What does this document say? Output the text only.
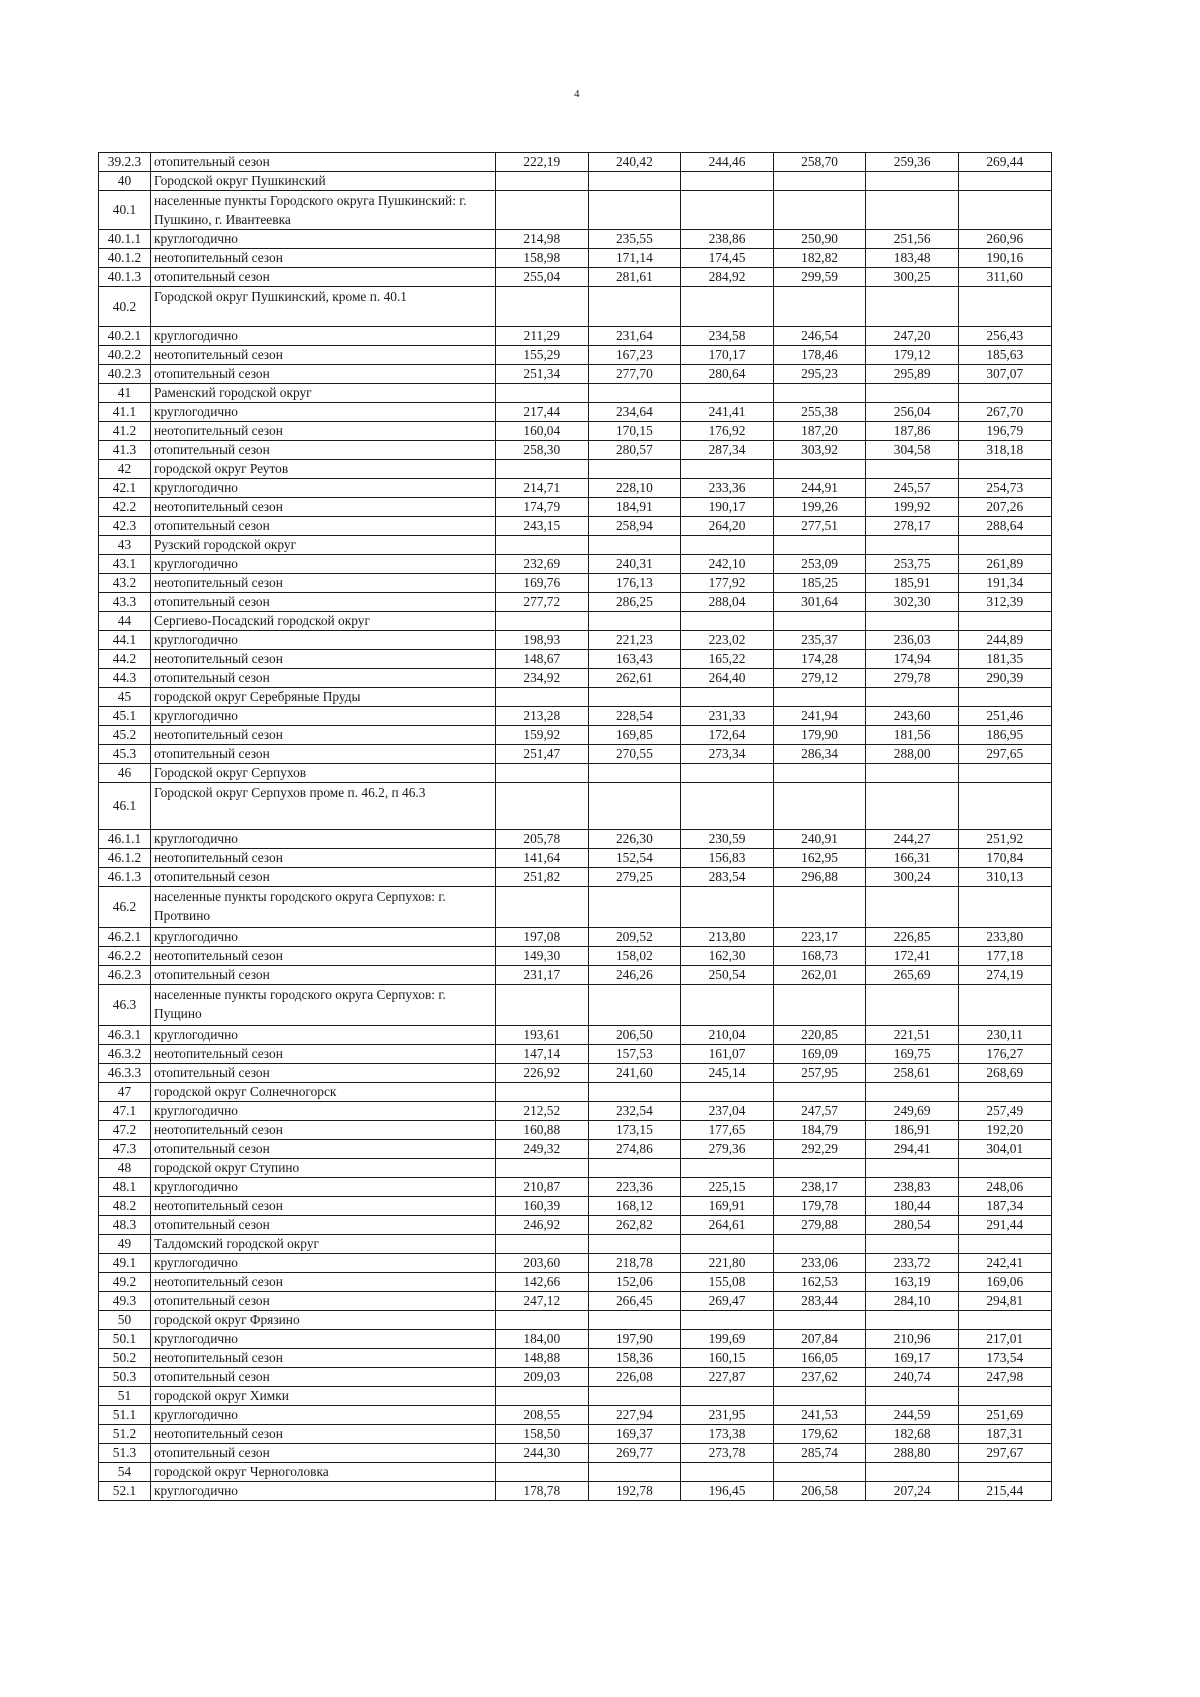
4
39.2.3	отопительный сезон	222,19	240,42	244,46	258,70	259,36	269,44
40	Городской округ Пушкинский						
40.1	населенные пункты Городского округа Пушкинский: г. Пушкино, г. Ивантеевка						
40.1.1	круглогодично	214,98	235,55	238,86	250,90	251,56	260,96
40.1.2	неотопительный сезон	158,98	171,14	174,45	182,82	183,48	190,16
40.1.3	отопительный сезон	255,04	281,61	284,92	299,59	300,25	311,60
40.2	Городской округ Пушкинский, кроме п. 40.1						
40.2.1	круглогодично	211,29	231,64	234,58	246,54	247,20	256,43
40.2.2	неотопительный сезон	155,29	167,23	170,17	178,46	179,12	185,63
40.2.3	отопительный сезон	251,34	277,70	280,64	295,23	295,89	307,07
41	Раменский городской округ						
41.1	круглогодично	217,44	234,64	241,41	255,38	256,04	267,70
41.2	неотопительный сезон	160,04	170,15	176,92	187,20	187,86	196,79
41.3	отопительный сезон	258,30	280,57	287,34	303,92	304,58	318,18
42	городской округ Реутов						
42.1	круглогодично	214,71	228,10	233,36	244,91	245,57	254,73
42.2	неотопительный сезон	174,79	184,91	190,17	199,26	199,92	207,26
42.3	отопительный сезон	243,15	258,94	264,20	277,51	278,17	288,64
43	Рузский городской округ						
43.1	круглогодично	232,69	240,31	242,10	253,09	253,75	261,89
43.2	неотопительный сезон	169,76	176,13	177,92	185,25	185,91	191,34
43.3	отопительный сезон	277,72	286,25	288,04	301,64	302,30	312,39
44	Сергиево-Посадский городской округ						
44.1	круглогодично	198,93	221,23	223,02	235,37	236,03	244,89
44.2	неотопительный сезон	148,67	163,43	165,22	174,28	174,94	181,35
44.3	отопительный сезон	234,92	262,61	264,40	279,12	279,78	290,39
45	городской округ Серебряные Пруды						
45.1	круглогодично	213,28	228,54	231,33	241,94	243,60	251,46
45.2	неотопительный сезон	159,92	169,85	172,64	179,90	181,56	186,95
45.3	отопительный сезон	251,47	270,55	273,34	286,34	288,00	297,65
46	Городской округ Серпухов						
46.1	Городской округ Серпухов проме п. 46.2, п 46.3						
46.1.1	круглогодично	205,78	226,30	230,59	240,91	244,27	251,92
46.1.2	неотопительный сезон	141,64	152,54	156,83	162,95	166,31	170,84
46.1.3	отопительный сезон	251,82	279,25	283,54	296,88	300,24	310,13
46.2	населенные пункты городского округа Серпухов: г. Протвино						
46.2.1	круглогодично	197,08	209,52	213,80	223,17	226,85	233,80
46.2.2	неотопительный сезон	149,30	158,02	162,30	168,73	172,41	177,18
46.2.3	отопительный сезон	231,17	246,26	250,54	262,01	265,69	274,19
46.3	населенные пункты городского округа Серпухов: г. Пущино						
46.3.1	круглогодично	193,61	206,50	210,04	220,85	221,51	230,11
46.3.2	неотопительный сезон	147,14	157,53	161,07	169,09	169,75	176,27
46.3.3	отопительный сезон	226,92	241,60	245,14	257,95	258,61	268,69
47	городской округ Солнечногорск						
47.1	круглогодично	212,52	232,54	237,04	247,57	249,69	257,49
47.2	неотопительный сезон	160,88	173,15	177,65	184,79	186,91	192,20
47.3	отопительный сезон	249,32	274,86	279,36	292,29	294,41	304,01
48	городской округ Ступино						
48.1	круглогодично	210,87	223,36	225,15	238,17	238,83	248,06
48.2	неотопительный сезон	160,39	168,12	169,91	179,78	180,44	187,34
48.3	отопительный сезон	246,92	262,82	264,61	279,88	280,54	291,44
49	Талдомский городской округ						
49.1	круглогодично	203,60	218,78	221,80	233,06	233,72	242,41
49.2	неотопительный сезон	142,66	152,06	155,08	162,53	163,19	169,06
49.3	отопительный сезон	247,12	266,45	269,47	283,44	284,10	294,81
50	городской округ Фрязино						
50.1	круглогодично	184,00	197,90	199,69	207,84	210,96	217,01
50.2	неотопительный сезон	148,88	158,36	160,15	166,05	169,17	173,54
50.3	отопительный сезон	209,03	226,08	227,87	237,62	240,74	247,98
51	городской округ Химки						
51.1	круглогодично	208,55	227,94	231,95	241,53	244,59	251,69
51.2	неотопительный сезон	158,50	169,37	173,38	179,62	182,68	187,31
51.3	отопительный сезон	244,30	269,77	273,78	285,74	288,80	297,67
54	городской округ Черноголовка						
52.1	круглогодично	178,78	192,78	196,45	206,58	207,24	215,44
